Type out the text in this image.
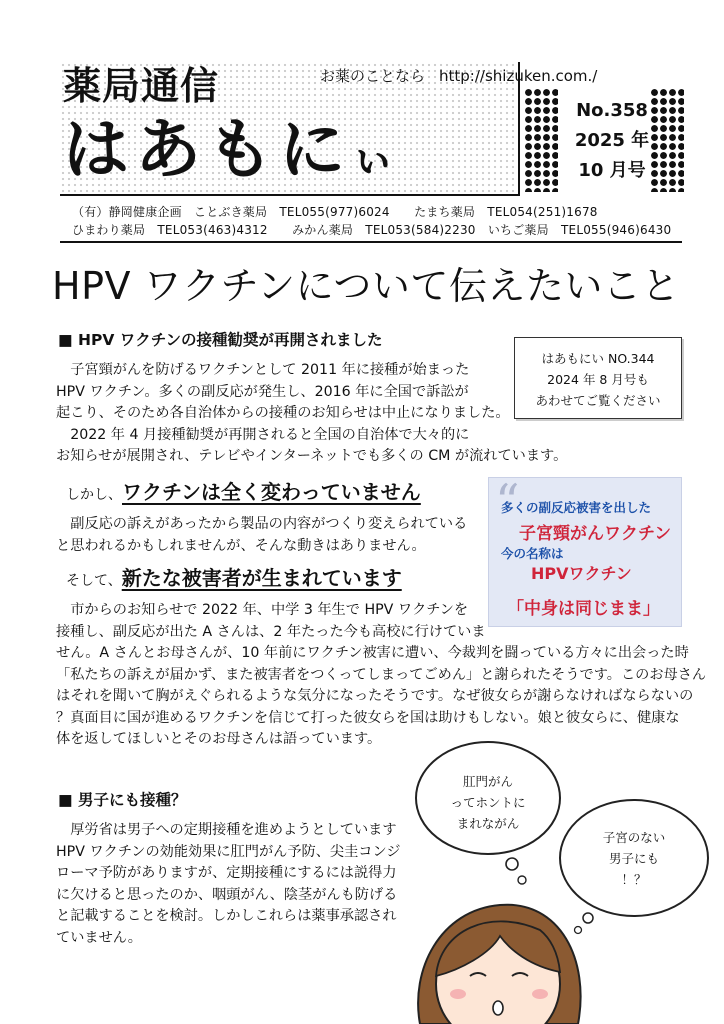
薬局通信
はあもにぃ
お薬のことなら http://shizuken.com./
No.358
2025 年
10 月号
（有）静岡健康企画　ことぶき薬局　TEL055(977)6024　　たまち薬局　TEL054(251)1678
ひまわり薬局　TEL053(463)4312　　みかん薬局　TEL053(584)2230　いちご薬局　TEL055(946)6430
HPV ワクチンについて伝えたいこと
■ HPV ワクチンの接種勧奨が再開されました

　子宮頸がんを防げるワクチンとして 2011 年に接種が始まった

HPV ワクチン。多くの副反応が発生し、2016 年に全国で訴訟が

起こり、そのため各自治体からの接種のお知らせは中止になりました。

　2022 年 4 月接種勧奨が再開されると全国の自治体で大々的に

お知らせが展開され、テレビやインターネットでも多くの CM が流れています。

はあもにい NO.344
2024 年 8 月号も
あわせてご覧ください
しかし、ワクチンは全く変わっていません

　副反応の訴えがあったから製品の内容がつくり変えられている

と思われるかもしれませんが、そんな動きはありません。

“
多くの副反応被害を出した
子宮頸がんワクチン
今の名称は
HPVワクチン
「中身は同じまま」
そして、新たな被害者が生まれています

　市からのお知らせで 2022 年、中学 3 年生で HPV ワクチンを

接種し、副反応が出た A さんは、2 年たった今も高校に行けていま

せん。A さんとお母さんが、10 年前にワクチン被害に遭い、今裁判を闘っている方々に出会った時

「私たちの訴えが届かず、また被害者をつくってしまってごめん」と謝られたそうです。このお母さん

はそれを聞いて胸がえぐられるような気分になったそうです。なぜ彼女らが謝らなければならないの

？真面目に国が進めるワクチンを信じて打った彼女らを国は助けもしない。娘と彼女らに、健康な

体を返してほしいとそのお母さんは語っています。

■ 男子にも接種？

　厚労省は男子への定期接種を進めようとしています

HPV ワクチンの効能効果に肛門がん予防、尖圭コンジ

ローマ予防がありますが、定期接種にするには説得力

に欠けると思ったのか、咽頭がん、陰茎がんも防げる

と記載することを検討。しかしこれらは薬事承認され

ていません。

肛門がん
ってホントに
まれながん
子宮のない
男子にも
！？
